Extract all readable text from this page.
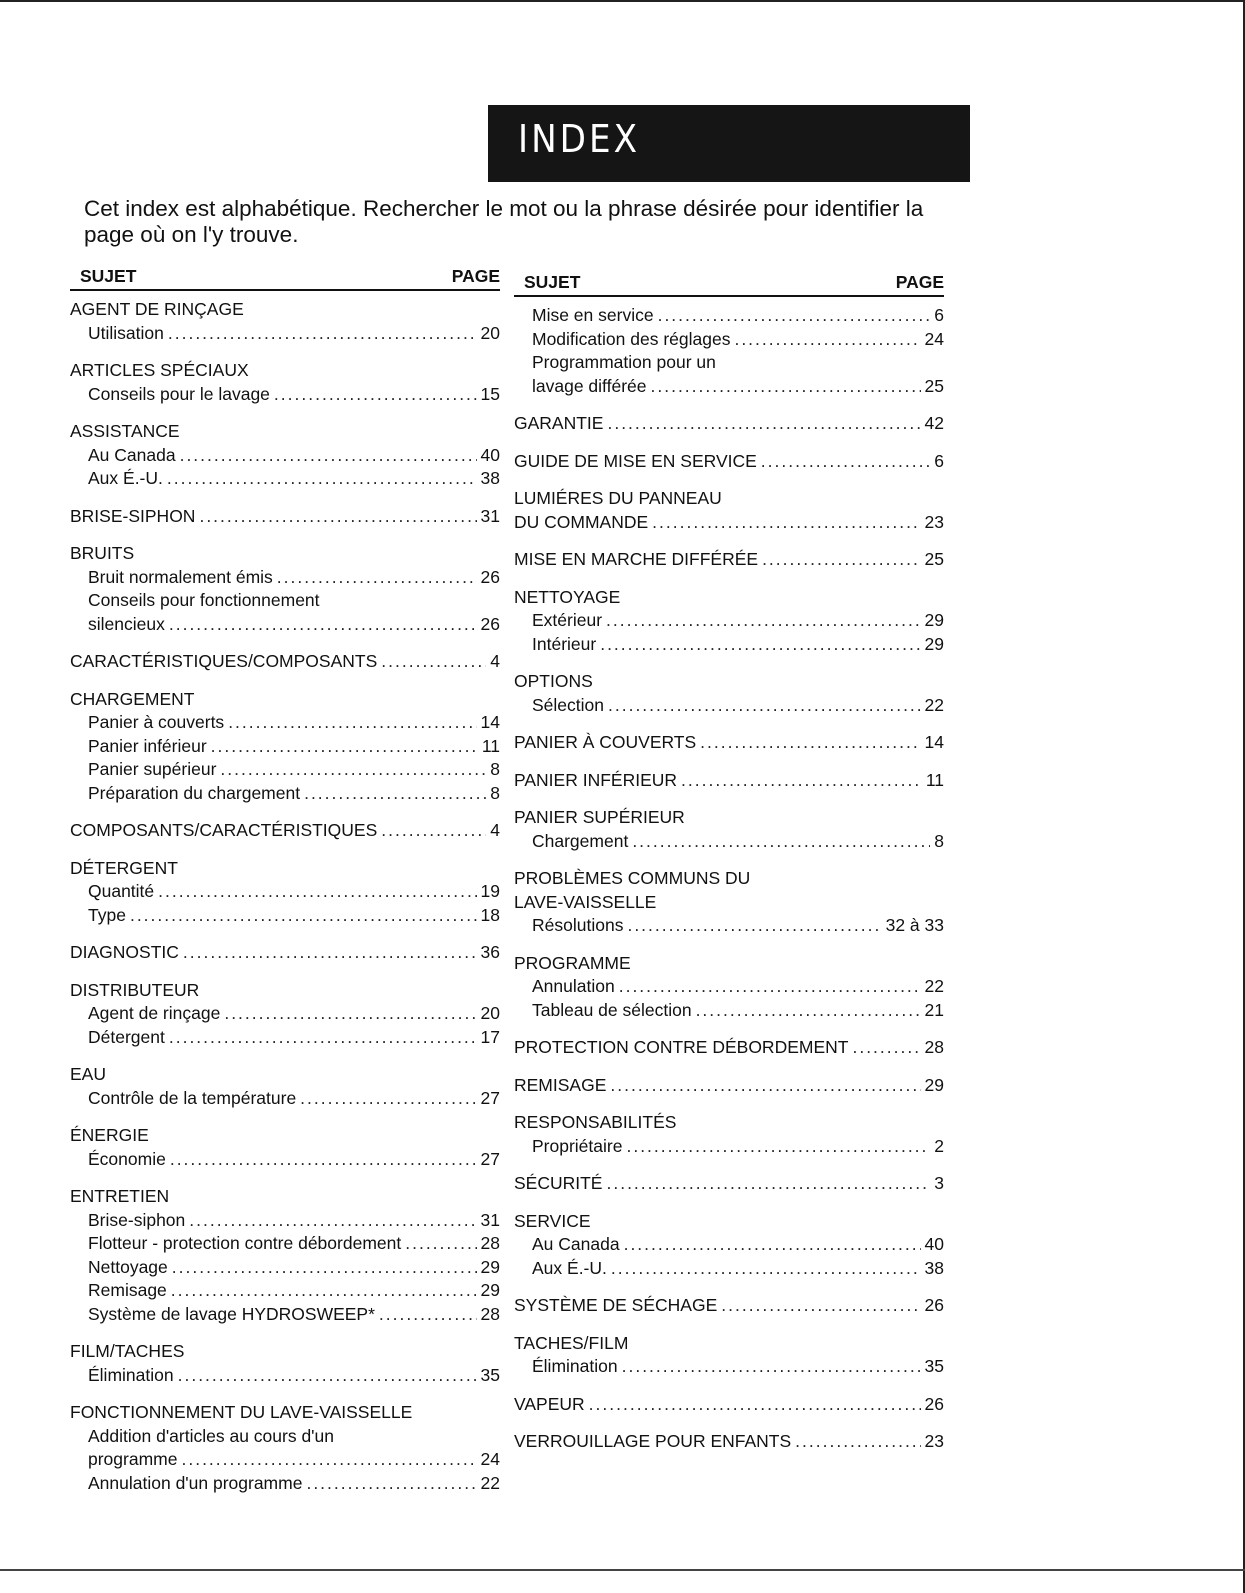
INDEX
Cet index est alphabétique. Rechercher le mot ou la phrase désirée pour identifier la page où on l'y trouve.
SUJET	PAGE
AGENT DE RINÇAGE
Utilisation .....	20
ARTICLES SPÉCIAUX
Conseils pour le lavage .....	15
ASSISTANCE
Au Canada .....	40
Aux É.-U. .....	38
BRISE-SIPHON .....	31
BRUITS
Bruit normalement émis .....	26
Conseils pour fonctionnement
silencieux .....	26
CARACTÉRISTIQUES/COMPOSANTS .....	4
CHARGEMENT
Panier à couverts .....	14
Panier inférieur .....	11
Panier supérieur .....	8
Préparation du chargement .....	8
COMPOSANTS/CARACTÉRISTIQUES .....	4
DÉTERGENT
Quantité .....	19
Type .....	18
DIAGNOSTIC .....	36
DISTRIBUTEUR
Agent de rinçage .....	20
Détergent .....	17
EAU
Contrôle de la température .....	27
ÉNERGIE
Économie .....	27
ENTRETIEN
Brise-siphon .....	31
Flotteur - protection contre débordement .....	28
Nettoyage .....	29
Remisage .....	29
Système de lavage HYDROSWEEP* .....	28
FILM/TACHES
Élimination .....	35
FONCTIONNEMENT DU LAVE-VAISSELLE
Addition d'articles au cours d'un
programme .....	24
Annulation d'un programme .....	22
SUJET	PAGE
Mise en service .....	6
Modification des réglages .....	24
Programmation pour un
lavage différée .....	25
GARANTIE .....	42
GUIDE DE MISE EN SERVICE .....	6
LUMIÉRES DU PANNEAU
DU COMMANDE .....	23
MISE EN MARCHE DIFFÉRÉE .....	25
NETTOYAGE
Extérieur .....	29
Intérieur .....	29
OPTIONS
Sélection .....	22
PANIER À COUVERTS .....	14
PANIER INFÉRIEUR .....	11
PANIER SUPÉRIEUR
Chargement .....	8
PROBLÈMES COMMUNS DU
LAVE-VAISSELLE
Résolutions .....	32 à 33
PROGRAMME
Annulation .....	22
Tableau de sélection .....	21
PROTECTION CONTRE DÉBORDEMENT .....	28
REMISAGE .....	29
RESPONSABILITÉS
Propriétaire .....	2
SÉCURITÉ .....	3
SERVICE
Au Canada .....	40
Aux É.-U. .....	38
SYSTÈME DE SÉCHAGE .....	26
TACHES/FILM
Élimination .....	35
VAPEUR .....	26
VERROUILLAGE POUR ENFANTS .....	23
